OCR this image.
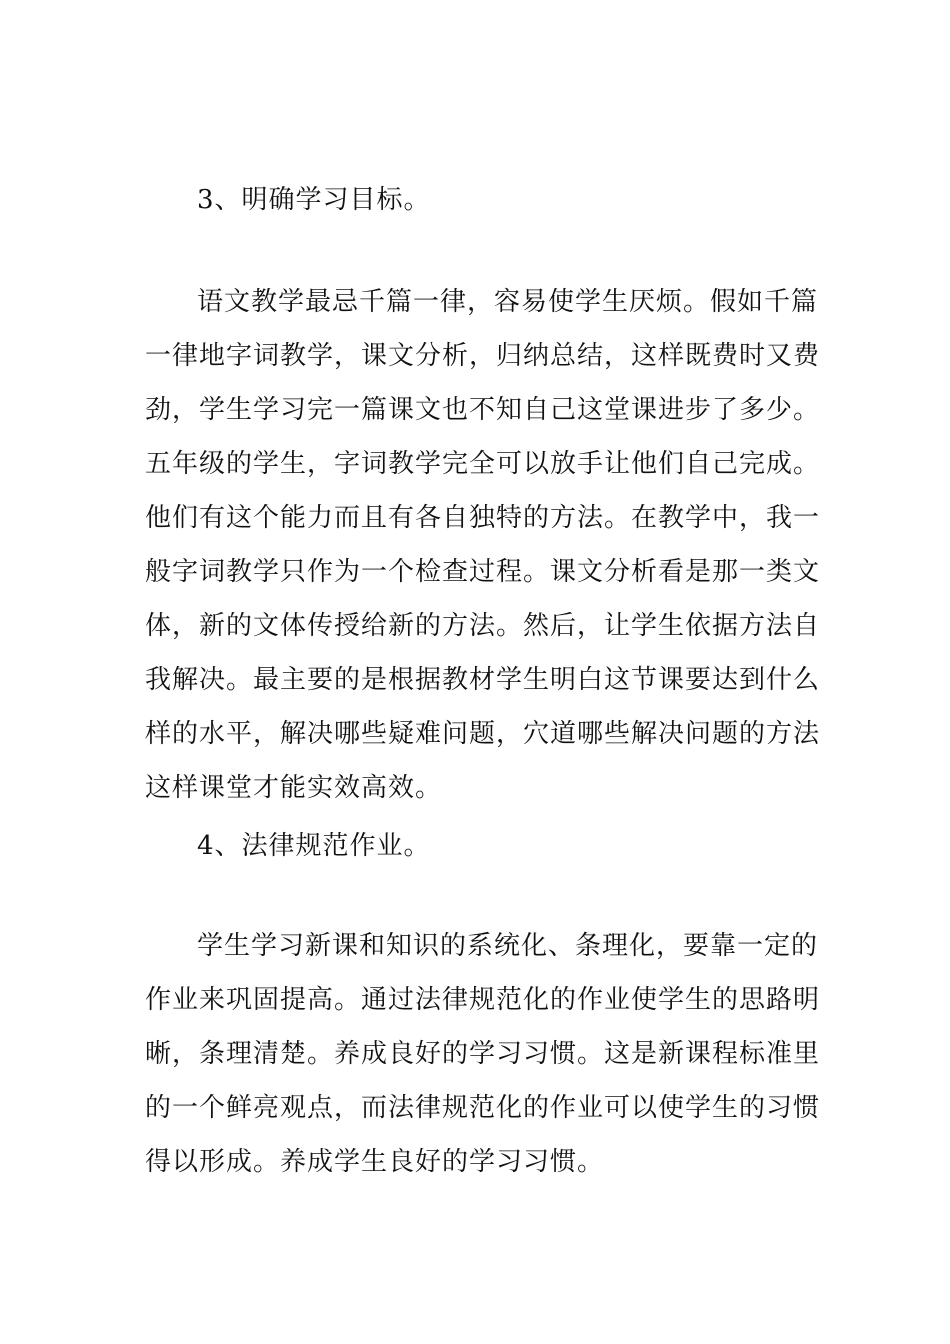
3、明确学习目标。
语文教学最忌千篇一律，容易使学生厌烦。假如千篇
一律地字词教学，课文分析，归纳总结，这样既费时又费
劲，学生学习完一篇课文也不知自己这堂课进步了多少。
五年级的学生，字词教学完全可以放手让他们自己完成。
他们有这个能力而且有各自独特的方法。在教学中，我一
般字词教学只作为一个检查过程。课文分析看是那一类文
体，新的文体传授给新的方法。然后，让学生依据方法自
我解决。最主要的是根据教材学生明白这节课要达到什么
样的水平，解决哪些疑难问题，穴道哪些解决问题的方法
这样课堂才能实效高效。
4、法律规范作业。
学生学习新课和知识的系统化、条理化，要靠一定的
作业来巩固提高。通过法律规范化的作业使学生的思路明
晰，条理清楚。养成良好的学习习惯。这是新课程标准里
的一个鲜亮观点，而法律规范化的作业可以使学生的习惯
得以形成。养成学生良好的学习习惯。
